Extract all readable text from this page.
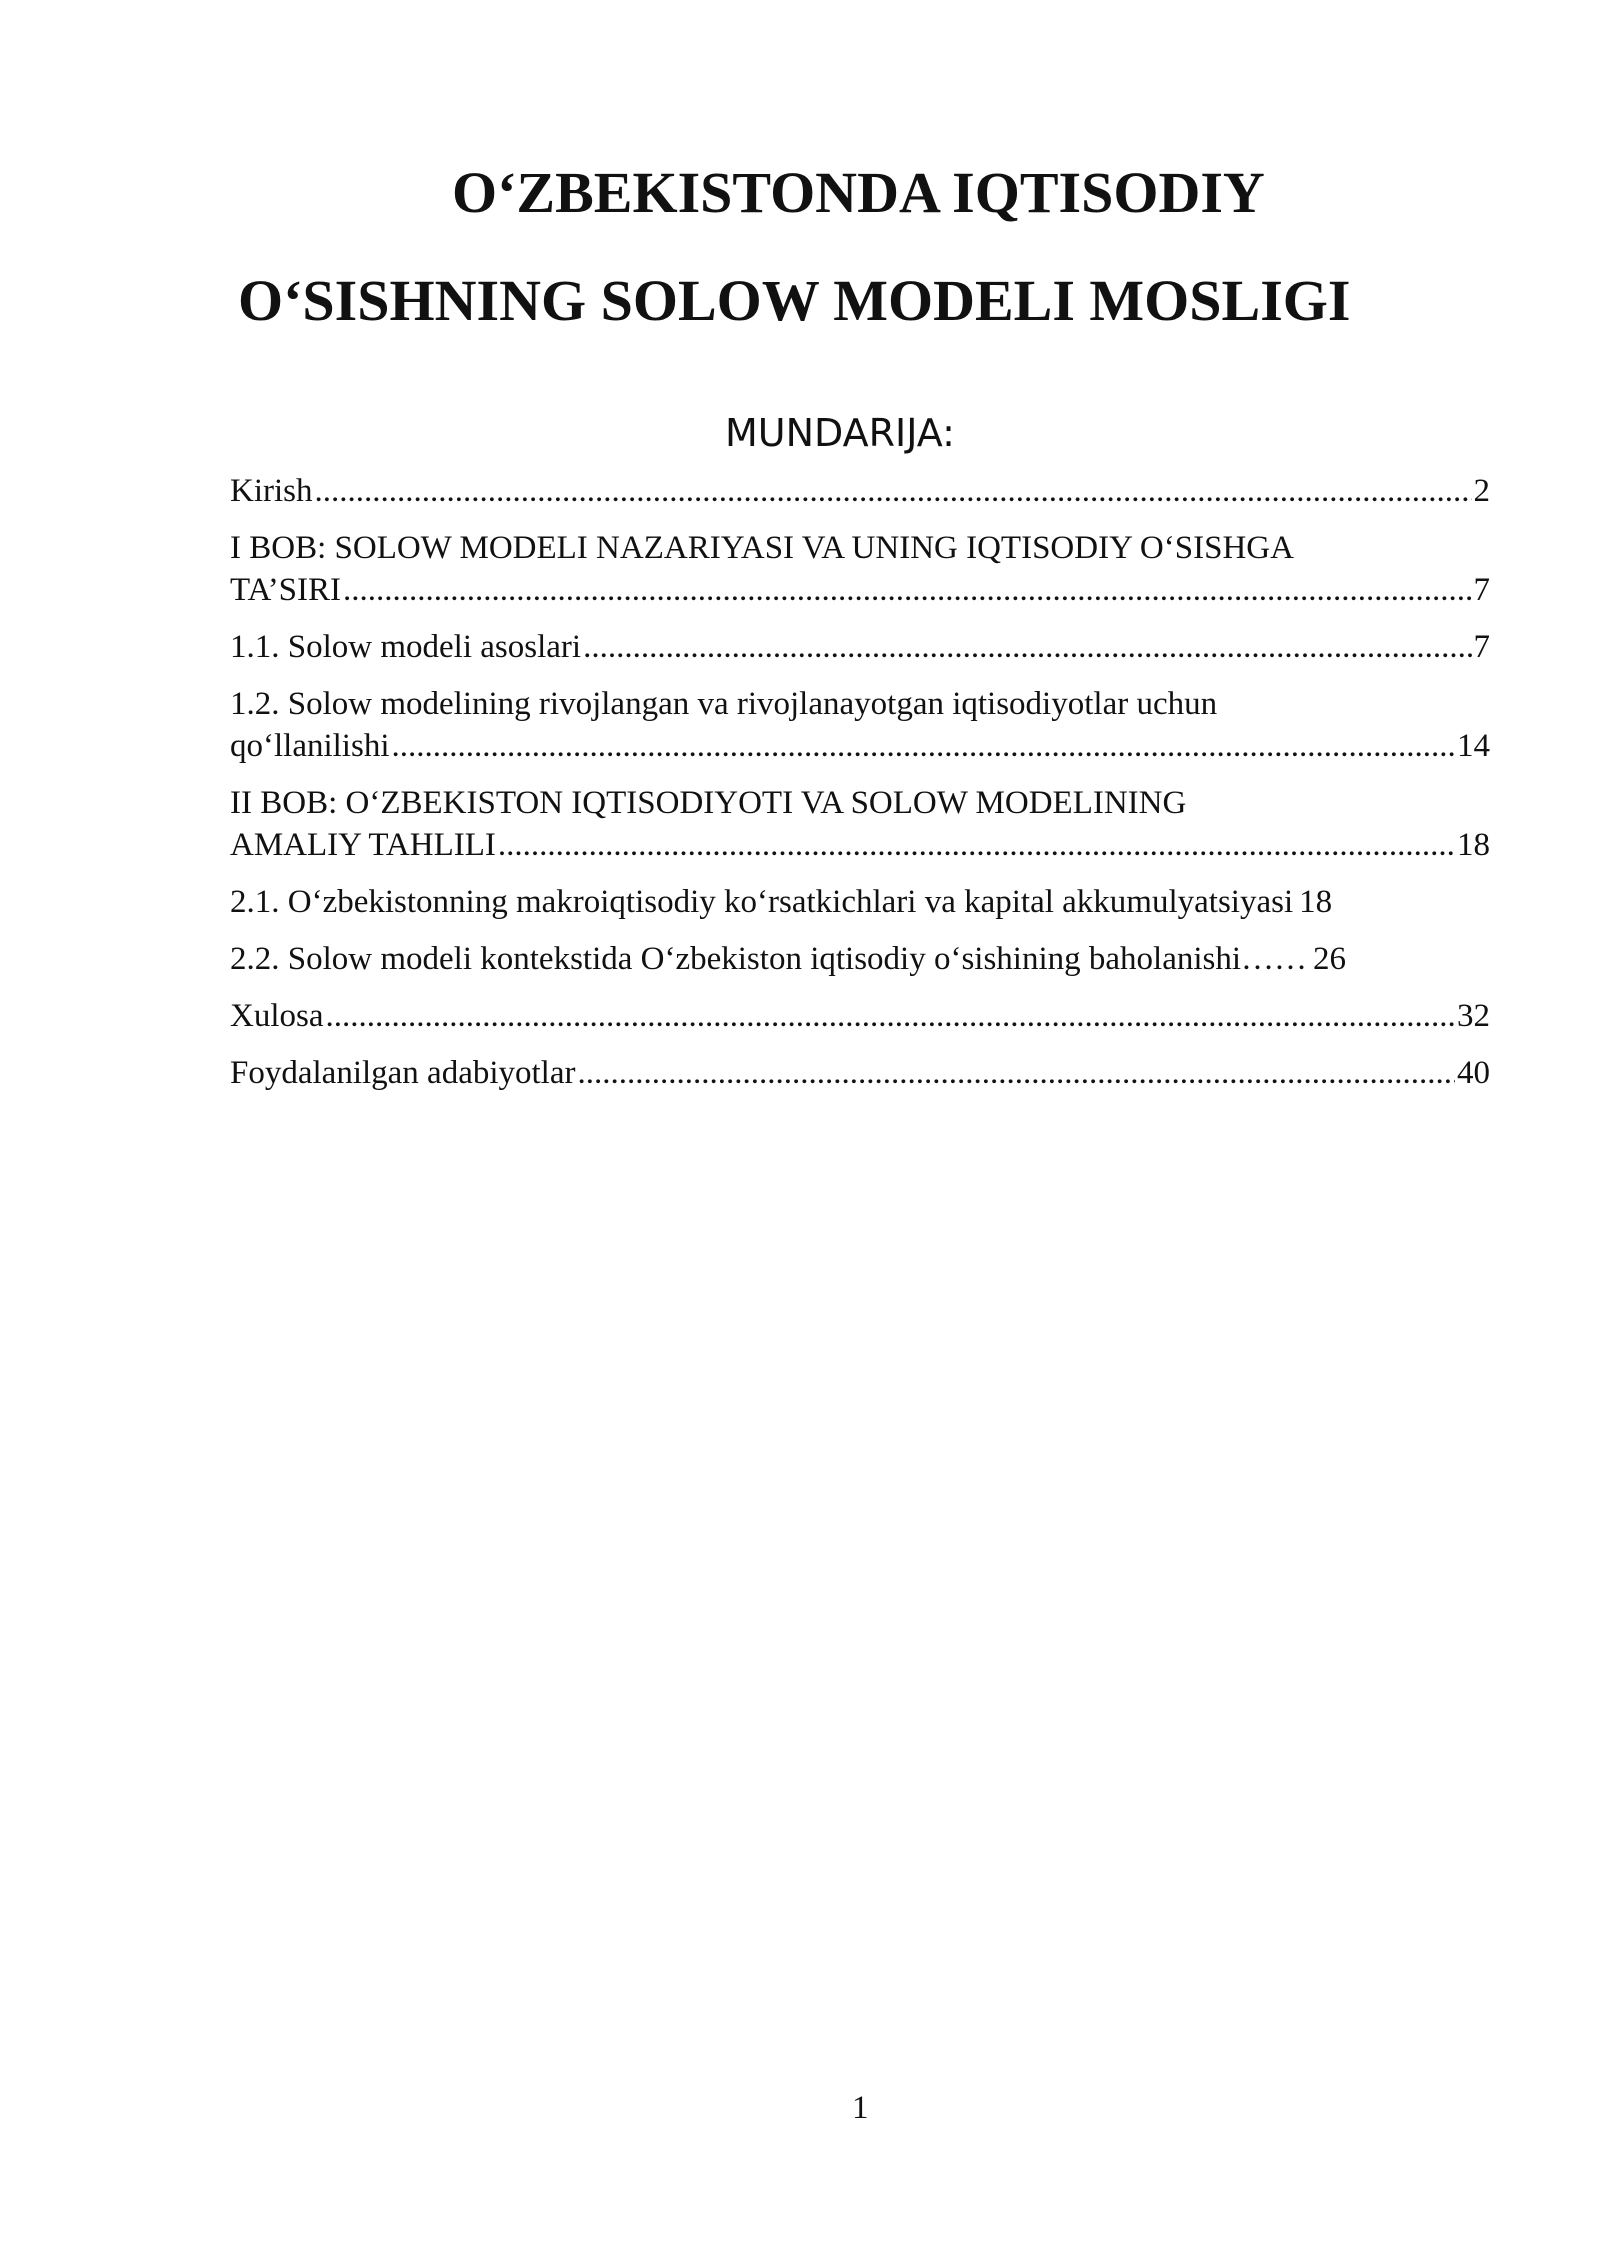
O‘ZBEKISTONDA IQTISODIY
O‘SISHNING SOLOW MODELI MOSLIGI
MUNDARIJA:
Kirish .....	2
I BOB: SOLOW MODELI NAZARIYASI VA UNING IQTISODIY O‘SISHGA
TA’SIRI .....	7
1.1. Solow modeli asoslari .....	7
1.2. Solow modelining rivojlangan va rivojlanayotgan iqtisodiyotlar uchun
qo‘llanilishi .....	14
II BOB: O‘ZBEKISTON IQTISODIYOTI VA SOLOW MODELINING
AMALIY TAHLILI .....	18
2.1. O‘zbekistonning makroiqtisodiy ko‘rsatkichlari va kapital akkumulyatsiyasi 18
2.2. Solow modeli kontekstida O‘zbekiston iqtisodiy o‘sishining baholanishi…… 26
Xulosa .....	32
Foydalanilgan adabiyotlar .....	40
1
